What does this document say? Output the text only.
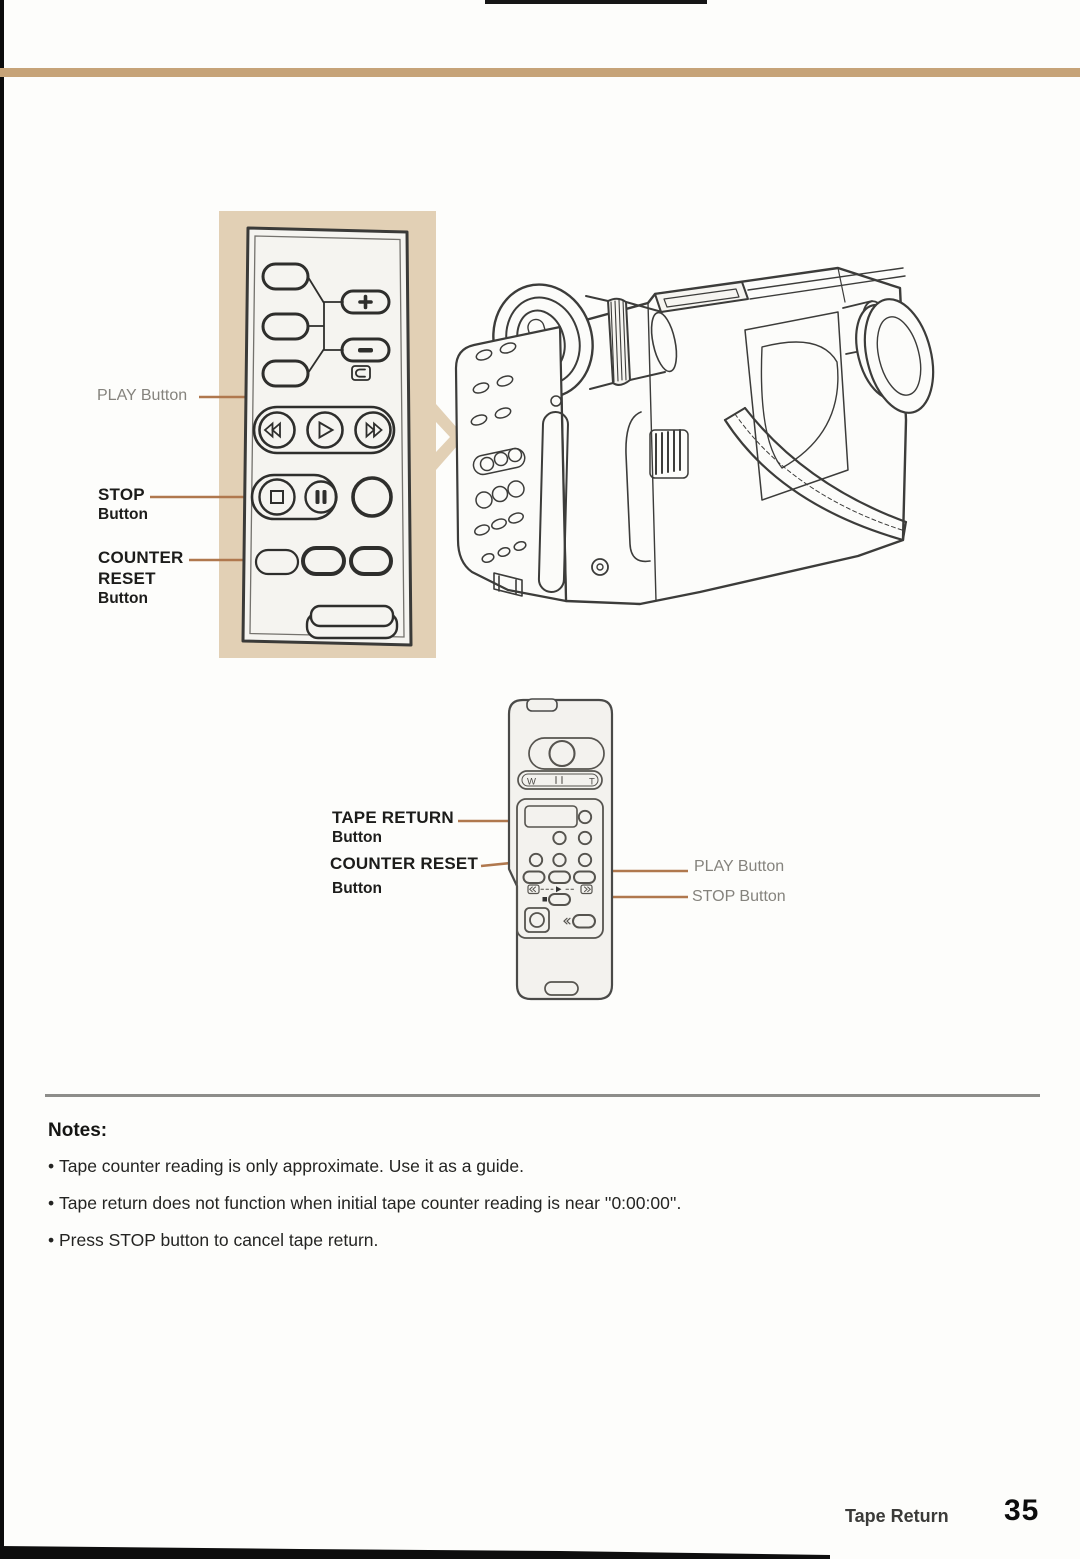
PLAY Button
STOP
Button
COUNTER
RESET
Button
W	T
TAPE RETURN
Button
COUNTER RESET
Button
PLAY Button
STOP Button
Notes:
• Tape counter reading is only approximate. Use it as a guide.
• Tape return does not function when initial tape counter reading is near ''0:00:00''.
• Press STOP button to cancel tape return.
Tape Return 35
